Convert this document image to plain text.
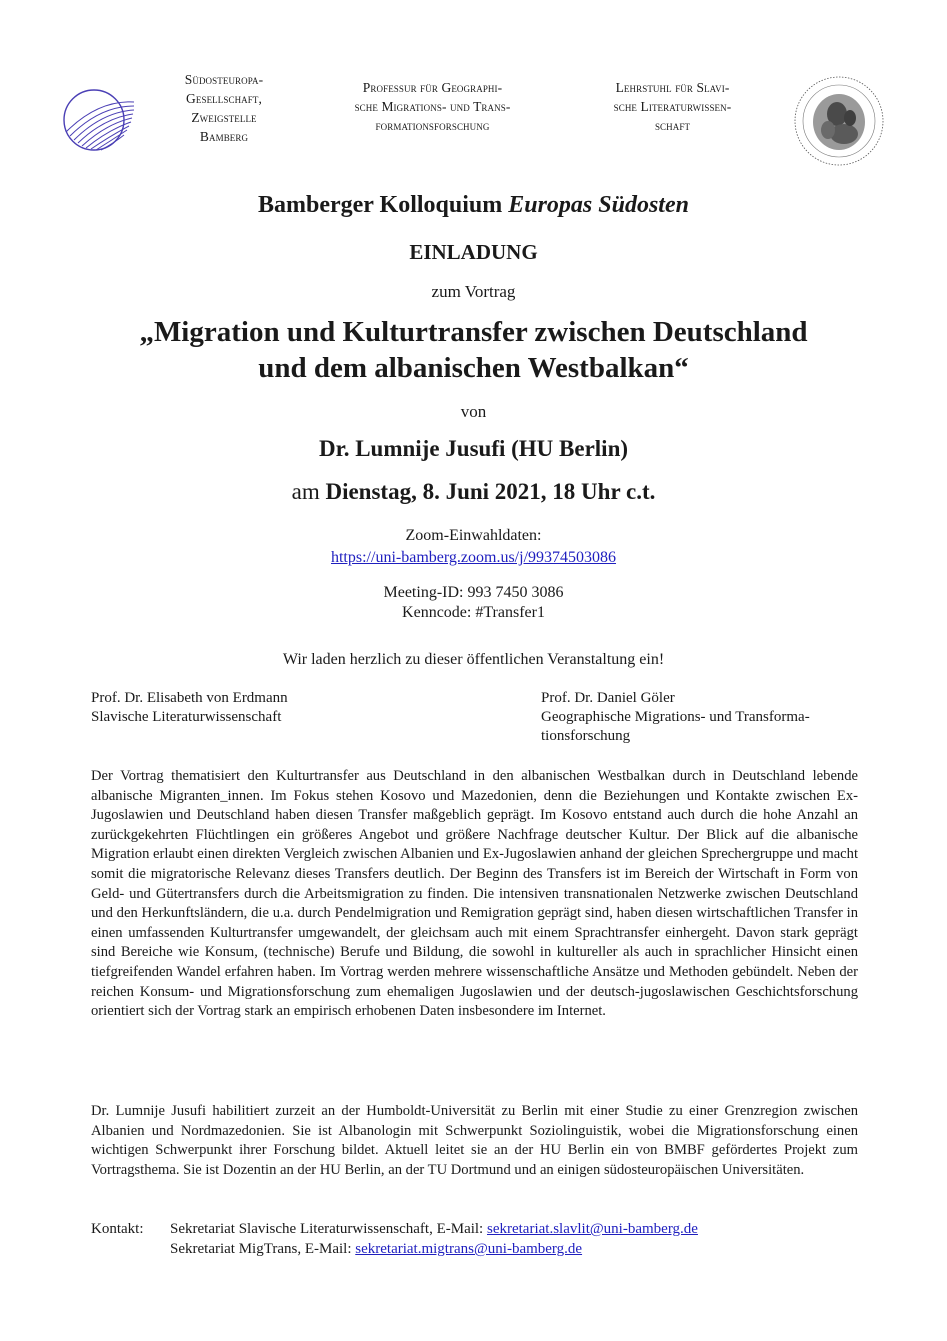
Südosteuropa-
Gesellschaft,
Zweigstelle
Bamberg
Professur für Geographi-
sche Migrations- und Trans-
formationsforschung
Lehrstuhl für Slavi-
sche Literaturwissen-
schaft
Bamberger Kolloquium Europas Südosten
EINLADUNG
zum Vortrag
„Migration und Kulturtransfer zwischen Deutschland
und dem albanischen Westbalkan“
von
Dr. Lumnije Jusufi (HU Berlin)
am Dienstag, 8. Juni 2021, 18 Uhr c.t.
Zoom-Einwahldaten:
https://uni-bamberg.zoom.us/j/99374503086
Meeting-ID: 993 7450 3086
Kenncode: #Transfer1
Wir laden herzlich zu dieser öffentlichen Veranstaltung ein!
Prof. Dr. Elisabeth von Erdmann
Slavische Literaturwissenschaft
Prof. Dr. Daniel Göler
Geographische Migrations- und Transforma-
tionsforschung
Der Vortrag thematisiert den Kulturtransfer aus Deutschland in den albanischen Westbalkan durch in Deutschland lebende albanische Migranten_innen. Im Fokus stehen Kosovo und Mazedonien, denn die Beziehungen und Kontakte zwischen Ex-Jugoslawien und Deutschland haben diesen Transfer maßgeblich geprägt. Im Kosovo entstand auch durch die hohe Anzahl an zurückgekehrten Flüchtlingen ein größeres Angebot und größere Nachfrage deutscher Kultur. Der Blick auf die albanische Migration erlaubt einen direkten Vergleich zwischen Albanien und Ex-Jugoslawien anhand der gleichen Sprechergruppe und macht somit die migratorische Relevanz dieses Transfers deutlich. Der Beginn des Transfers ist im Bereich der Wirtschaft in Form von Geld- und Gütertransfers durch die Arbeitsmigration zu finden. Die intensiven transnationalen Netzwerke zwischen Deutschland und den Herkunftsländern, die u.a. durch Pendelmigration und Remigration geprägt sind, haben diesen wirtschaftlichen Transfer in einen umfassenden Kulturtransfer umgewandelt, der gleichsam auch mit einem Sprachtransfer einhergeht. Davon stark geprägt sind Bereiche wie Konsum, (technische) Berufe und Bildung, die sowohl in kultureller als auch in sprachlicher Hinsicht einen tiefgreifenden Wandel erfahren haben. Im Vortrag werden mehrere wissenschaftliche Ansätze und Methoden gebündelt. Neben der reichen Konsum- und Migrationsforschung zum ehemaligen Jugoslawien und der deutsch-jugoslawischen Geschichtsforschung orientiert sich der Vortrag stark an empirisch erhobenen Daten insbesondere im Internet.
Dr. Lumnije Jusufi habilitiert zurzeit an der Humboldt-Universität zu Berlin mit einer Studie zu einer Grenzregion zwischen Albanien und Nordmazedonien. Sie ist Albanologin mit Schwerpunkt Soziolinguistik, wobei die Migrationsforschung einen wichtigen Schwerpunkt ihrer Forschung bildet. Aktuell leitet sie an der HU Berlin ein von BMBF gefördertes Projekt zum Vortragsthema. Sie ist Dozentin an der HU Berlin, an der TU Dortmund und an einigen südosteuropäischen Universitäten.
Kontakt:	Sekretariat Slavische Literaturwissenschaft, E-Mail: sekretariat.slavlit@uni-bamberg.de
Sekretariat MigTrans, E-Mail: sekretariat.migtrans@uni-bamberg.de
